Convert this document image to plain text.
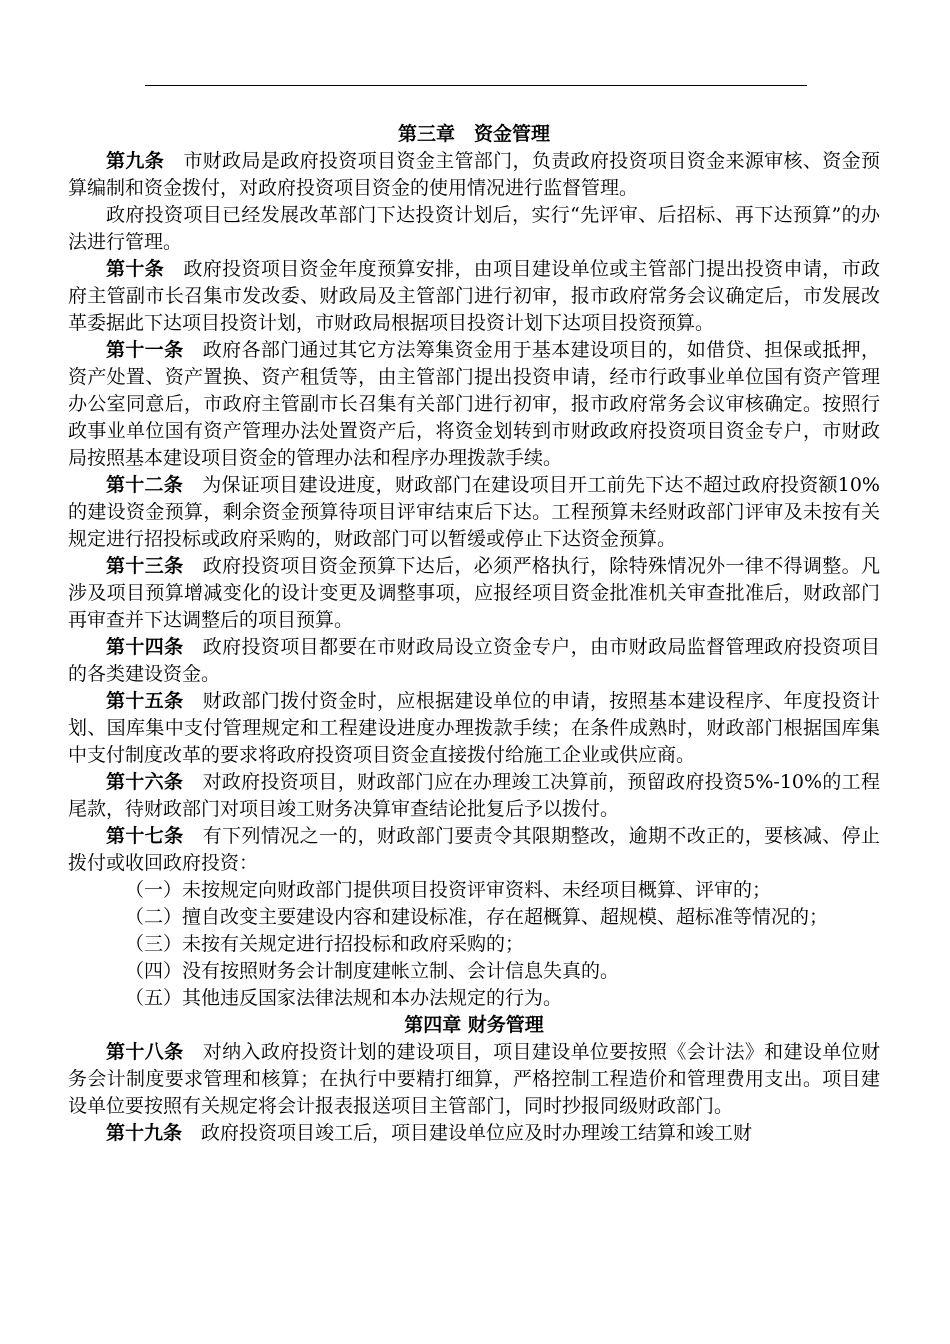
第三章　资金管理

第九条 市财政局是政府投资项目资金主管部门，负责政府投资项目资金来源审核、资金预算编制和资金拨付，对政府投资项目资金的使用情况进行监督管理。

政府投资项目已经发展改革部门下达投资计划后，实行“先评审、后招标、再下达预算”的办法进行管理。

第十条 政府投资项目资金年度预算安排，由项目建设单位或主管部门提出投资申请，市政府主管副市长召集市发改委、财政局及主管部门进行初审，报市政府常务会议确定后，市发展改革委据此下达项目投资计划，市财政局根据项目投资计划下达项目投资预算。

第十一条 政府各部门通过其它方法筹集资金用于基本建设项目的，如借贷、担保或抵押，资产处置、资产置换、资产租赁等，由主管部门提出投资申请，经市行政事业单位国有资产管理办公室同意后，市政府主管副市长召集有关部门进行初审，报市政府常务会议审核确定。按照行政事业单位国有资产管理办法处置资产后，将资金划转到市财政政府投资项目资金专户，市财政局按照基本建设项目资金的管理办法和程序办理拨款手续。

第十二条 为保证项目建设进度，财政部门在建设项目开工前先下达不超过政府投资额10%的建设资金预算，剩余资金预算待项目评审结束后下达。工程预算未经财政部门评审及未按有关规定进行招投标或政府采购的，财政部门可以暂缓或停止下达资金预算。

第十三条 政府投资项目资金预算下达后，必须严格执行，除特殊情况外一律不得调整。凡涉及项目预算增减变化的设计变更及调整事项，应报经项目资金批准机关审查批准后，财政部门再审查并下达调整后的项目预算。

第十四条 政府投资项目都要在市财政局设立资金专户，由市财政局监督管理政府投资项目的各类建设资金。

第十五条 财政部门拨付资金时，应根据建设单位的申请，按照基本建设程序、年度投资计划、国库集中支付管理规定和工程建设进度办理拨款手续；在条件成熟时，财政部门根据国库集中支付制度改革的要求将政府投资项目资金直接拨付给施工企业或供应商。

第十六条 对政府投资项目，财政部门应在办理竣工决算前，预留政府投资5%-10%的工程尾款，待财政部门对项目竣工财务决算审查结论批复后予以拨付。

第十七条 有下列情况之一的，财政部门要责令其限期整改，逾期不改正的，要核减、停止拨付或收回政府投资：

（一）未按规定向财政部门提供项目投资评审资料、未经项目概算、评审的；

（二）擅自改变主要建设内容和建设标准，存在超概算、超规模、超标准等情况的；

（三）未按有关规定进行招投标和政府采购的；

（四）没有按照财务会计制度建帐立制、会计信息失真的。

（五）其他违反国家法律法规和本办法规定的行为。

第四章 财务管理

第十八条 对纳入政府投资计划的建设项目，项目建设单位要按照《会计法》和建设单位财务会计制度要求管理和核算；在执行中要精打细算，严格控制工程造价和管理费用支出。项目建设单位要按照有关规定将会计报表报送项目主管部门，同时抄报同级财政部门。

第十九条 政府投资项目竣工后，项目建设单位应及时办理竣工结算和竣工财
